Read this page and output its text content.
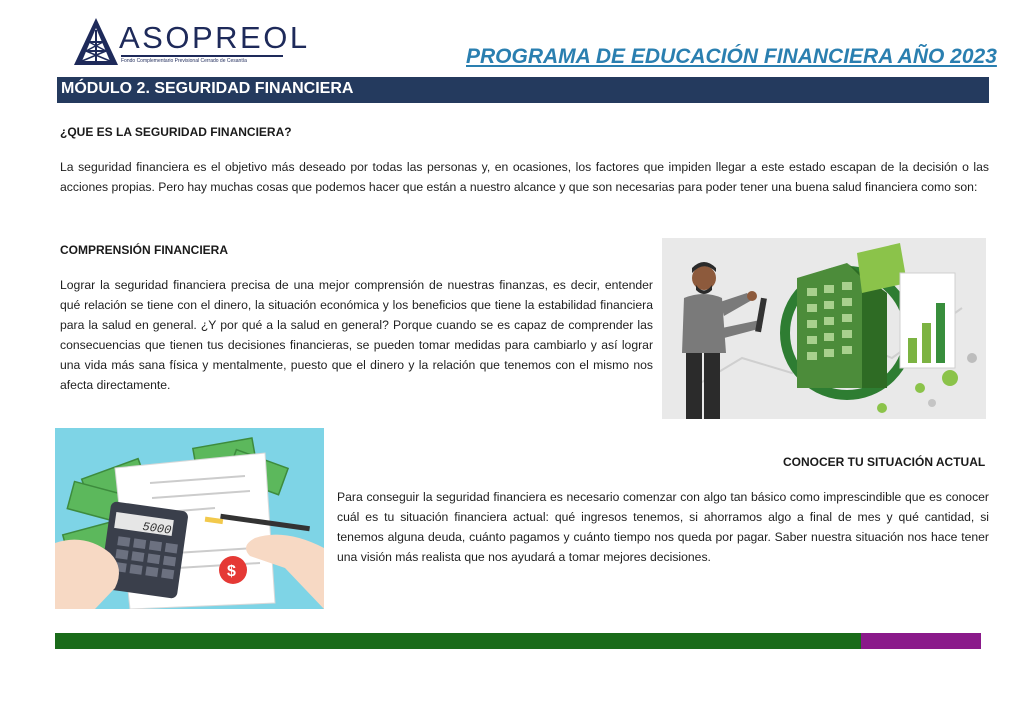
ASOPREOL
Fondo Complementario Previsional Cerrado de Cesantía	PROGRAMA DE EDUCACIÓN FINANCIERA AÑO 2023
MÓDULO 2. SEGURIDAD FINANCIERA
¿QUE ES LA SEGURIDAD FINANCIERA?
La seguridad financiera es el objetivo más deseado por todas las personas y, en ocasiones, los factores que impiden llegar a este estado escapan de la decisión o las acciones propias. Pero hay muchas cosas que podemos hacer que están a nuestro alcance y que son necesarias para poder tener una buena salud financiera como son:
COMPRENSIÓN FINANCIERA
Lograr la seguridad financiera precisa de una mejor comprensión de nuestras finanzas, es decir, entender qué relación se tiene con el dinero, la situación económica y los beneficios que tiene la estabilidad financiera para la salud en general. ¿Y por qué a la salud en general? Porque cuando se es capaz de comprender las consecuencias que tienen tus decisiones financieras, se pueden tomar medidas para cambiarlo y así lograr una vida más sana física y mentalmente, puesto que el dinero y la relación que tenemos con el mismo nos afecta directamente.
5000
$
CONOCER TU SITUACIÓN ACTUAL
Para conseguir la seguridad financiera es necesario comenzar con algo tan básico como imprescindible que es conocer cuál es tu situación financiera actual: qué ingresos tenemos, si ahorramos algo a final de mes y qué cantidad, si tenemos alguna deuda, cuánto pagamos y cuánto tiempo nos queda por pagar. Saber nuestra situación nos hace tener una visión más realista que nos ayudará a tomar mejores decisiones.
